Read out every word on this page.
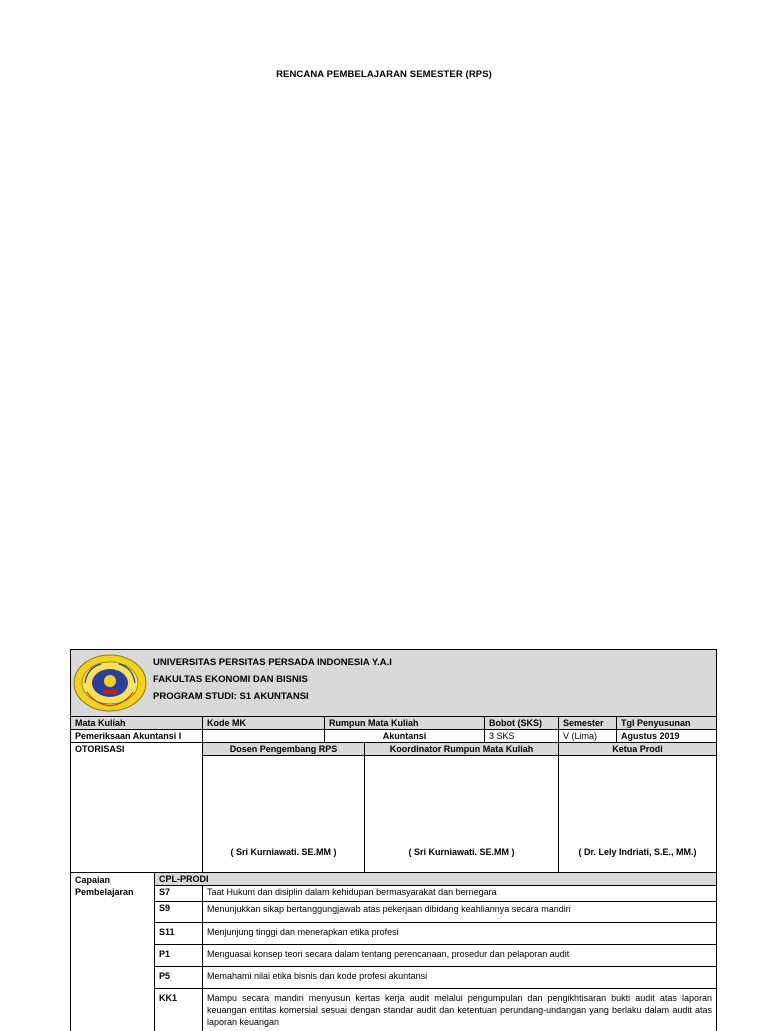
RENCANA PEMBELAJARAN SEMESTER (RPS)
UNIVERSITAS PERSITAS PERSADA INDONESIA Y.A.I
FAKULTAS EKONOMI DAN BISNIS
PROGRAM STUDI: S1 AKUNTANSI							

Mata Kuliah		Kode MK	Rumpun Mata Kuliah		Bobot (SKS)	Semester	Tgl Penyusunan
Pemeriksaan Akuntansi I			Akuntansi		3 SKS	V (Lima)	Agustus 2019
OTORISASI		Dosen Pengembang RPS		Koordinator Rumpun Mata Kuliah		Ketua Prodi	
		( Sri Kurniawati. SE.MM )		( Sri Kurniawati. SE.MM )		( Dr. Lely Indriati, S.E., MM.)	
Capaian Pembelajaran	CPL-PRODI						
	S7	Taat Hukum dan disiplin dalam kehidupan bermasyarakat dan bernegara					
	S9	Menunjukkan sikap bertanggungjawab atas pekerjaan dibidang keahliannya secara mandiri					
	S11	Menjunjung tinggi dan menerapkan etika profesi					
	P1	Menguasai konsep teori secara dalam tentang perencanaan, prosedur dan pelaporan audit					
	P5	Memahami nilai etika bisnis dan kode profesi akuntansi					
	KK1	Mampu secara mandiri menyusun kertas kerja audit melalui pengumpulan dan pengikhtisaran bukti audit atas laporan keuangan entitas komersial sesuai dengan standar audit dan ketentuan perundang-undangan yang berlaku dalam audit atas laporan keuangan					
